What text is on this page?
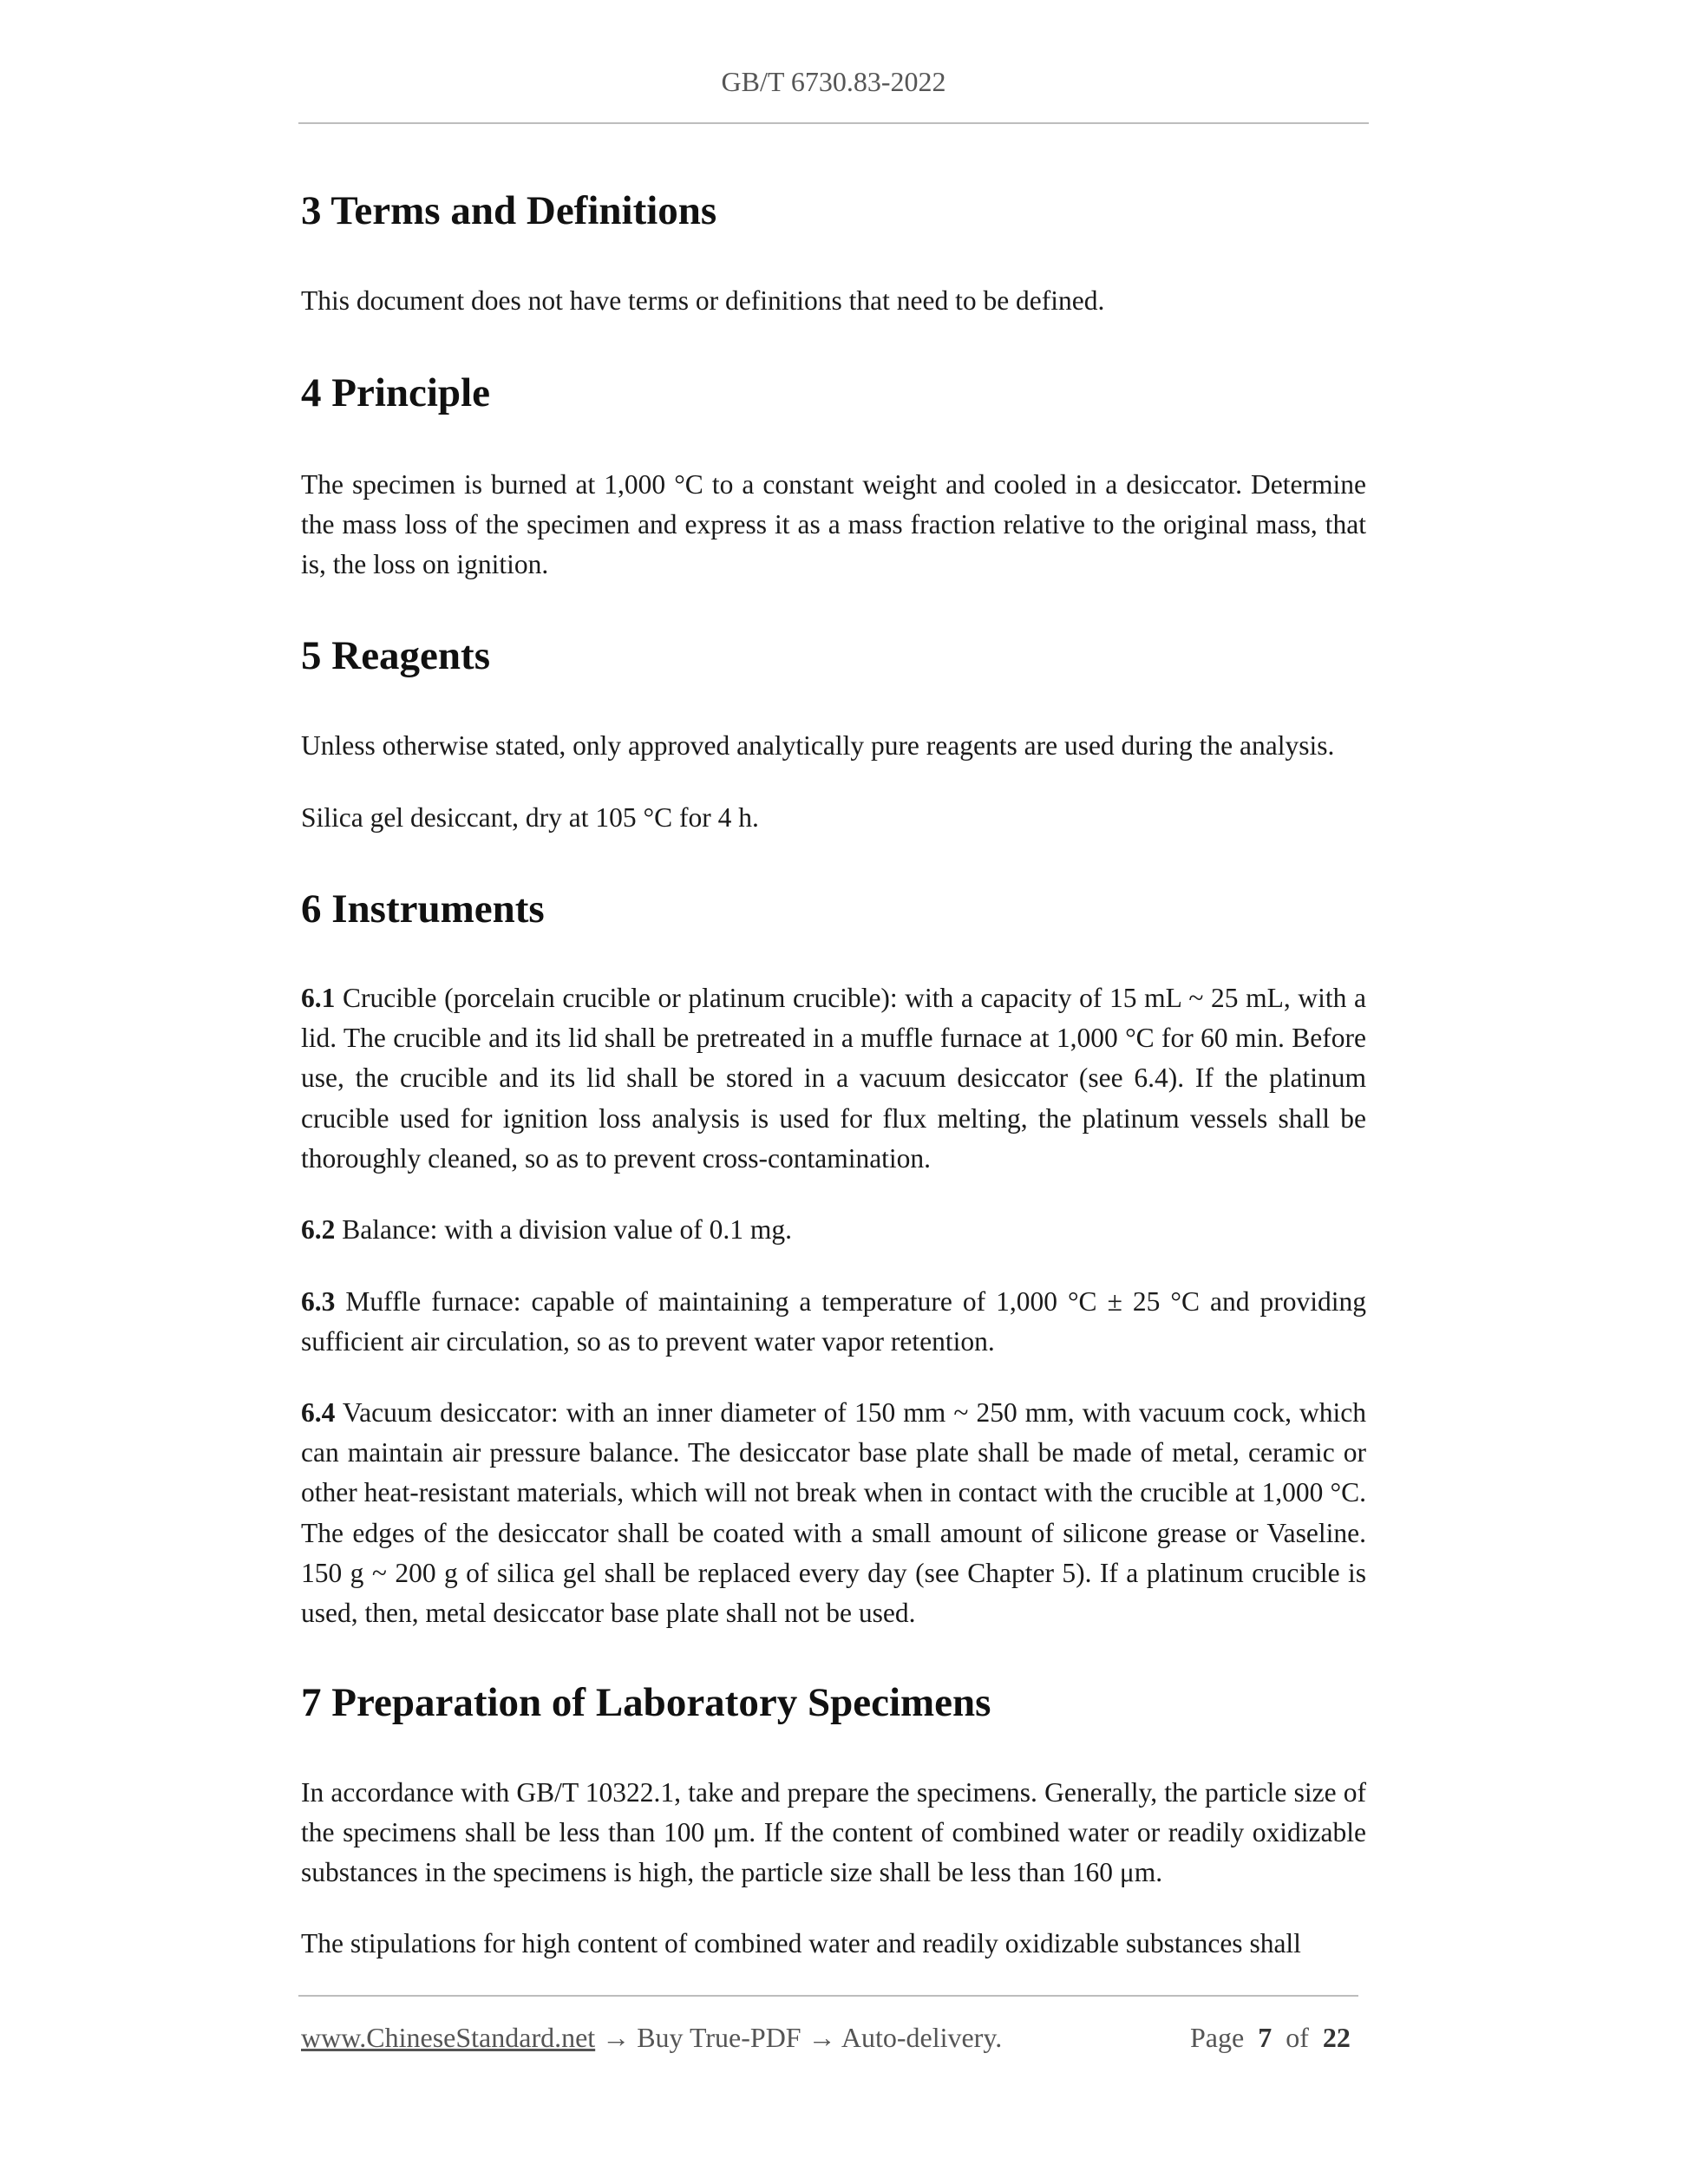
GB/T 6730.83-2022
3 Terms and Definitions

This document does not have terms or definitions that need to be defined.

4 Principle

The specimen is burned at 1,000 °C to a constant weight and cooled in a desiccator. Determine the mass loss of the specimen and express it as a mass fraction relative to the original mass, that is, the loss on ignition.

5 Reagents

Unless otherwise stated, only approved analytically pure reagents are used during the analysis.

Silica gel desiccant, dry at 105 °C for 4 h.

6 Instruments

6.1 Crucible (porcelain crucible or platinum crucible): with a capacity of 15 mL ~ 25 mL, with a lid. The crucible and its lid shall be pretreated in a muffle furnace at 1,000 °C for 60 min. Before use, the crucible and its lid shall be stored in a vacuum desiccator (see 6.4). If the platinum crucible used for ignition loss analysis is used for flux melting, the platinum vessels shall be thoroughly cleaned, so as to prevent cross-contamination.

6.2 Balance: with a division value of 0.1 mg.

6.3 Muffle furnace: capable of maintaining a temperature of 1,000 °C ± 25 °C and providing sufficient air circulation, so as to prevent water vapor retention.

6.4 Vacuum desiccator: with an inner diameter of 150 mm ~ 250 mm, with vacuum cock, which can maintain air pressure balance. The desiccator base plate shall be made of metal, ceramic or other heat-resistant materials, which will not break when in contact with the crucible at 1,000 °C. The edges of the desiccator shall be coated with a small amount of silicone grease or Vaseline. 150 g ~ 200 g of silica gel shall be replaced every day (see Chapter 5). If a platinum crucible is used, then, metal desiccator base plate shall not be used.

7 Preparation of Laboratory Specimens

In accordance with GB/T 10322.1, take and prepare the specimens. Generally, the particle size of the specimens shall be less than 100 μm. If the content of combined water or readily oxidizable substances in the specimens is high, the particle size shall be less than 160 μm.

The stipulations for high content of combined water and readily oxidizable substances shall

www.ChineseStandard.net → Buy True-PDF → Auto-delivery.	Page 7 of 22
